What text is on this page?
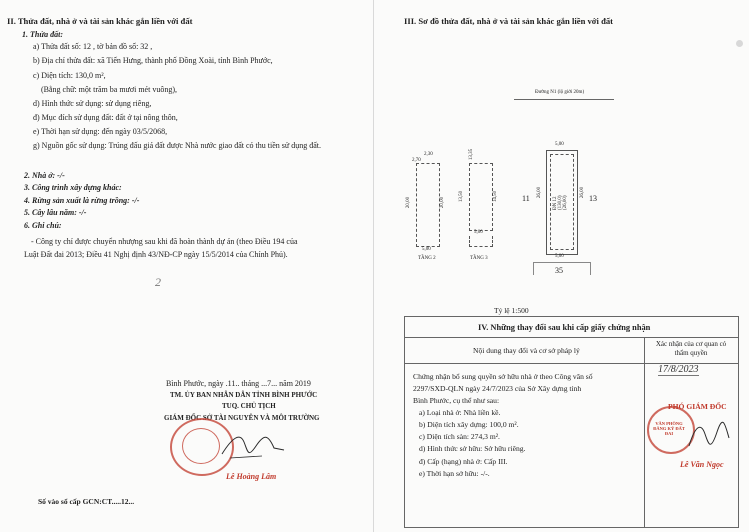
II. Thửa đất, nhà ở và tài sản khác gắn liền với đất
1. Thửa đất:
a) Thửa đất số: 12 , tờ bản đồ số: 32 ,
b) Địa chỉ thửa đất: xã Tiến Hưng, thành phố Đồng Xoài, tỉnh Bình Phước,
c) Diện tích: 130,0 m²,
(Bằng chữ: một trăm ba mươi mét vuông),
d) Hình thức sử dụng: sử dụng riêng,
đ) Mục đích sử dụng đất: đất ở tại nông thôn,
e) Thời hạn sử dụng: đến ngày 03/5/2068,
g) Nguồn gốc sử dụng: Trúng đấu giá đất được Nhà nước giao đất có thu tiền sử dụng đất.
2. Nhà ở: -/-
3. Công trình xây dựng khác:
4. Rừng sản xuất là rừng trồng: -/-
5. Cây lâu năm: -/-
6. Ghi chú:
- Công ty chỉ được chuyển nhượng sau khi đã hoàn thành dự án (theo Điều 194 của
Luật Đất đai 2013; Điều 41 Nghị định 43/NĐ-CP ngày 15/5/2014 của Chính Phủ).
2
Bình Phước, ngày .11.. tháng ...7... năm 2019
TM. ỦY BAN NHÂN DÂN TỈNH BÌNH PHƯỚC
TUQ. CHỦ TỊCH
GIÁM ĐỐC SỞ TÀI NGUYÊN VÀ MÔI TRƯỜNG
Lê Hoàng Lâm
Số vào sổ cấp GCN:CT.....12...
III. Sơ đồ thửa đất, nhà ở và tài sản khác gắn liền với đất
Đường N1 (lộ giới 20m)
5,00
ĐN 12
(130,0)
(26,00)
26,00	26,00
5,00
11	13
35
2,30
2,70
20,00	20,00
5,00
TẦNG 2
13,35
13,50	14,50
5,00
TẦNG 3
Tỷ lệ 1:500
IV. Những thay đổi sau khi cấp giấy chứng nhận
Nội dung thay đổi và cơ sở pháp lý
Xác nhận của cơ quan có thẩm quyền
Chứng nhận bổ sung quyền sở hữu nhà ở theo Công văn số
2297/SXD-QLN ngày 24/7/2023 của Sở Xây dựng tỉnh
Bình Phước, cụ thể như sau:
a) Loại nhà ở: Nhà liền kề.
b) Diện tích xây dựng: 100,0 m².
c) Diện tích sàn: 274,3 m².
d) Hình thức sở hữu: Sở hữu riêng.
đ) Cấp (hạng) nhà ở: Cấp III.
e) Thời hạn sở hữu: -/-.
17/8/2023
PHÓ GIÁM ĐỐC
VĂN PHÒNG ĐĂNG KÝ ĐẤT ĐAI
Lê Văn Ngọc
